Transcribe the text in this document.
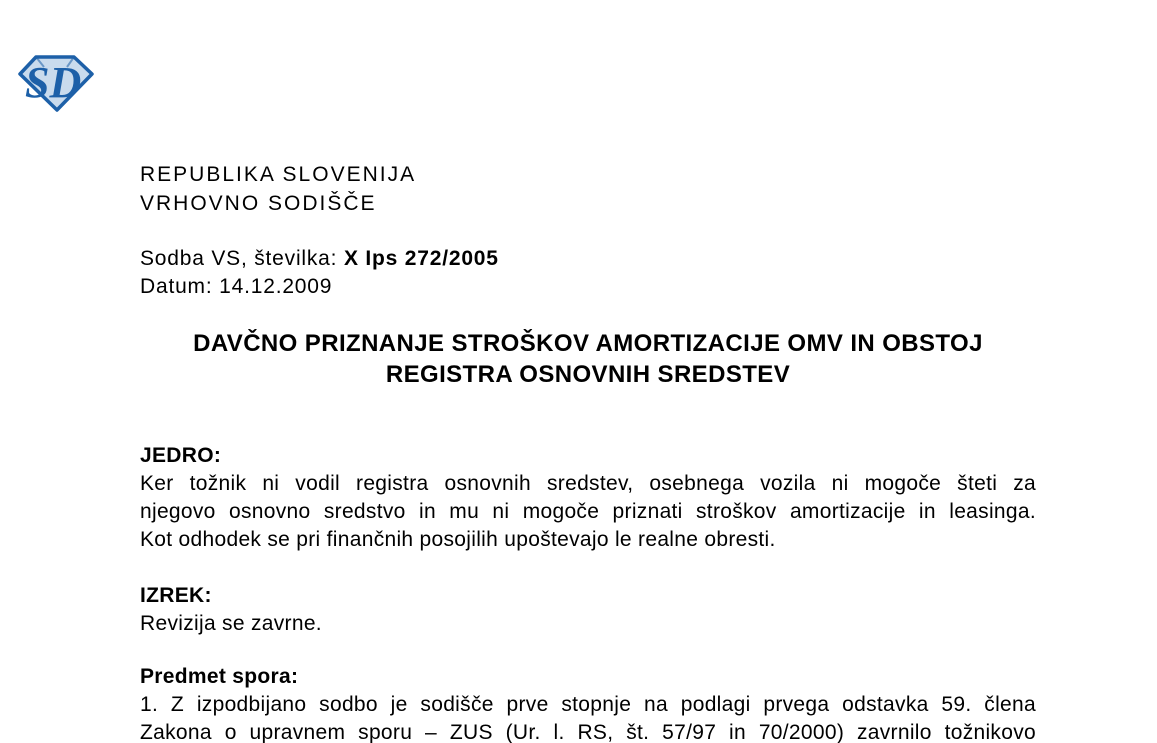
SD
REPUBLIKA SLOVENIJA
VRHOVNO SODIŠČE
Sodba VS, številka: X Ips 272/2005
Datum: 14.12.2009
DAVČNO PRIZNANJE STROŠKOV AMORTIZACIJE OMV IN OBSTOJ
REGISTRA OSNOVNIH SREDSTEV
JEDRO:
Ker tožnik ni vodil registra osnovnih sredstev, osebnega vozila ni mogoče šteti za
njegovo osnovno sredstvo in mu ni mogoče priznati stroškov amortizacije in leasinga.
Kot odhodek se pri finančnih posojilih upoštevajo le realne obresti.
IZREK:
Revizija se zavrne.
Predmet spora:
1. Z izpodbijano sodbo je sodišče prve stopnje na podlagi prvega odstavka 59. člena
Zakona o upravnem sporu – ZUS (Ur. l. RS, št. 57/97 in 70/2000) zavrnilo tožnikovo
